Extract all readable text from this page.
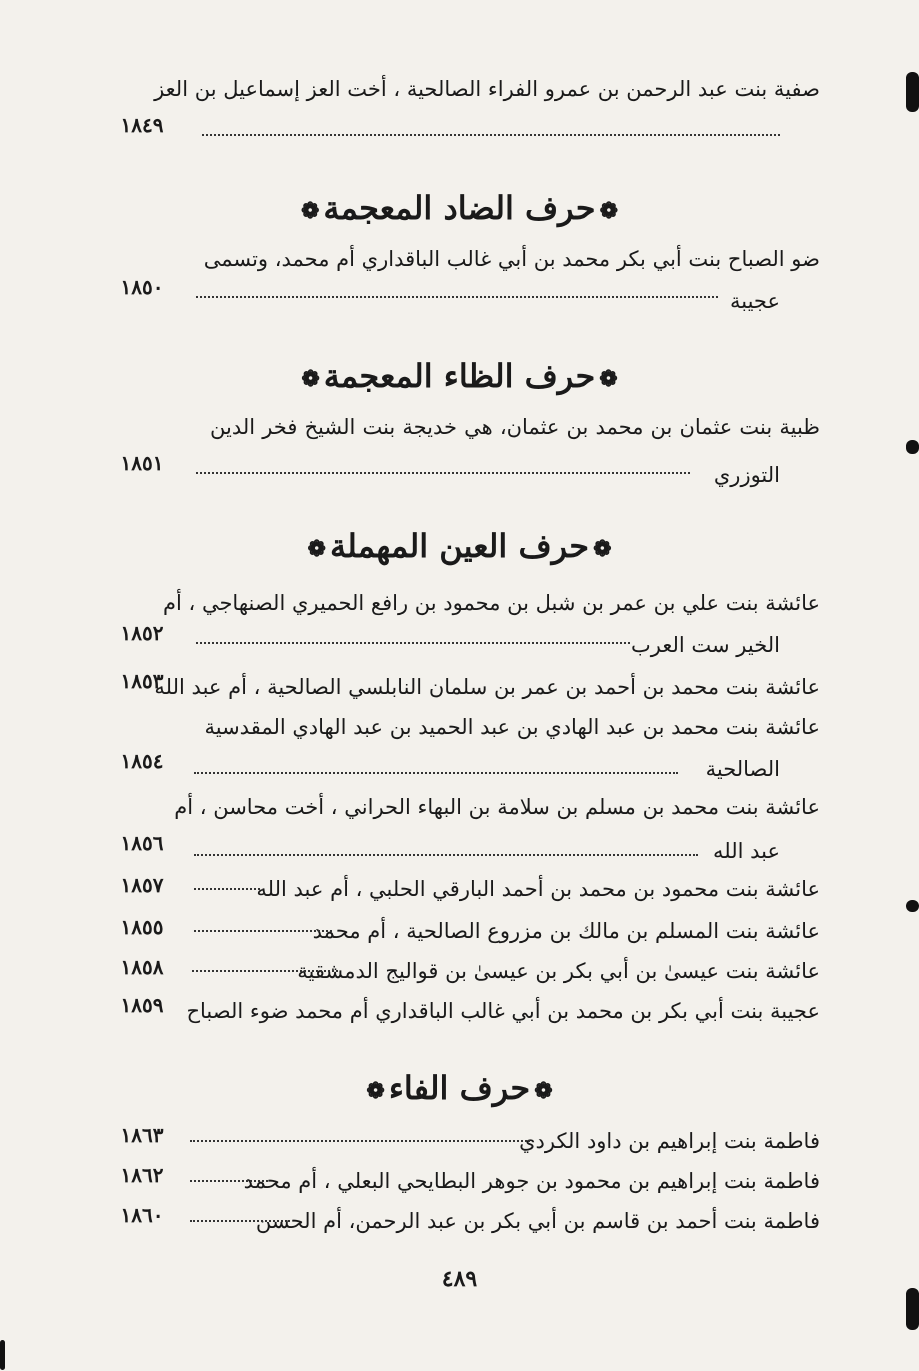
صفية بنت عبد الرحمن بن عمرو الفراء الصالحية ، أخت العز إسماعيل بن العز
١٨٤٩
❁حرف الضاد المعجمة❁
ضو الصباح بنت أبي بكر محمد بن أبي غالب الباقداري أم محمد، وتسمى
عجيبة
١٨٥٠
❁حرف الظاء المعجمة❁
ظبية بنت عثمان بن محمد بن عثمان، هي خديجة بنت الشيخ فخر الدين
التوزري
١٨٥١
❁حرف العين المهملة❁
عائشة بنت علي بن عمر بن شبل بن محمود بن رافع الحميري الصنهاجي ، أم
الخير ست العرب
١٨٥٢
عائشة بنت محمد بن أحمد بن عمر بن سلمان النابلسي الصالحية ، أم عبد الله
١٨٥٣
عائشة بنت محمد بن عبد الهادي بن عبد الحميد بن عبد الهادي المقدسية
الصالحية
١٨٥٤
عائشة بنت محمد بن مسلم بن سلامة بن البهاء الحراني ، أخت محاسن ، أم
عبد الله
١٨٥٦
عائشة بنت محمود بن محمد بن أحمد البارقي الحلبي ، أم عبد الله
١٨٥٧
عائشة بنت المسلم بن مالك بن مزروع الصالحية ، أم محمد
١٨٥٥
عائشة بنت عيسىٰ بن أبي بكر بن عيسىٰ بن قواليج الدمشقية
١٨٥٨
عجيبة بنت أبي بكر بن محمد بن أبي غالب الباقداري أم محمد ضوء الصباح
١٨٥٩
❁حرف الفاء❁
فاطمة بنت إبراهيم بن داود الكردي
١٨٦٣
فاطمة بنت إبراهيم بن محمود بن جوهر البطايحي البعلي ، أم محمد
١٨٦٢
فاطمة بنت أحمد بن قاسم بن أبي بكر بن عبد الرحمن، أم الحسن
١٨٦٠
٤٨٩
